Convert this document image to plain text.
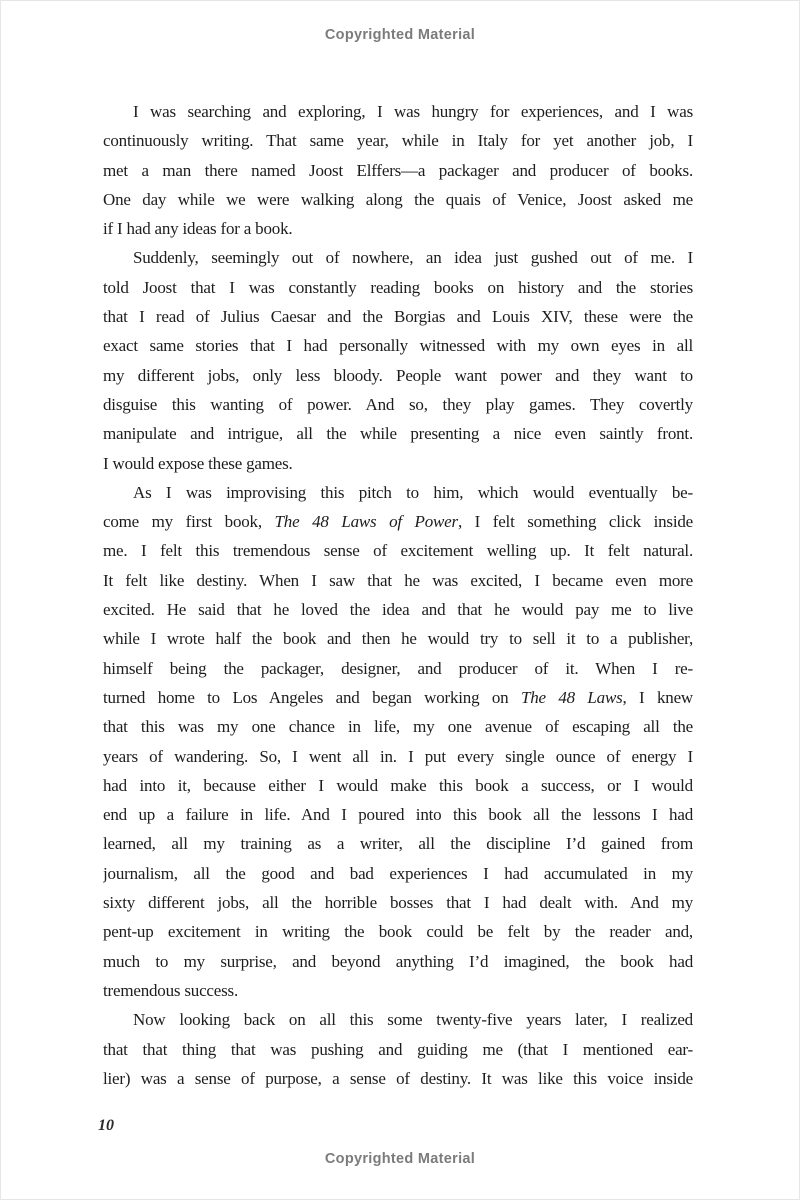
Copyrighted Material
I was searching and exploring, I was hungry for experiences, and I was
continuously writing. That same year, while in Italy for yet another job, I
met a man there named Joost Elffers—a packager and producer of books.
One day while we were walking along the quais of Venice, Joost asked me
if I had any ideas for a book.
Suddenly, seemingly out of nowhere, an idea just gushed out of me. I
told Joost that I was constantly reading books on history and the stories
that I read of Julius Caesar and the Borgias and Louis XIV, these were the
exact same stories that I had personally witnessed with my own eyes in all
my different jobs, only less bloody. People want power and they want to
disguise this wanting of power. And so, they play games. They covertly
manipulate and intrigue, all the while presenting a nice even saintly front.
I would expose these games.
As I was improvising this pitch to him, which would eventually be-
come my first book, The 48 Laws of Power, I felt something click inside
me. I felt this tremendous sense of excitement welling up. It felt natural.
It felt like destiny. When I saw that he was excited, I became even more
excited. He said that he loved the idea and that he would pay me to live
while I wrote half the book and then he would try to sell it to a publisher,
himself being the packager, designer, and producer of it. When I re-
turned home to Los Angeles and began working on The 48 Laws, I knew
that this was my one chance in life, my one avenue of escaping all the
years of wandering. So, I went all in. I put every single ounce of energy I
had into it, because either I would make this book a success, or I would
end up a failure in life. And I poured into this book all the lessons I had
learned, all my training as a writer, all the discipline I’d gained from
journalism, all the good and bad experiences I had accumulated in my
sixty different jobs, all the horrible bosses that I had dealt with. And my
pent-up excitement in writing the book could be felt by the reader and,
much to my surprise, and beyond anything I’d imagined, the book had
tremendous success.
Now looking back on all this some twenty-five years later, I realized
that that thing that was pushing and guiding me (that I mentioned ear-
lier) was a sense of purpose, a sense of destiny. It was like this voice inside
10
Copyrighted Material
